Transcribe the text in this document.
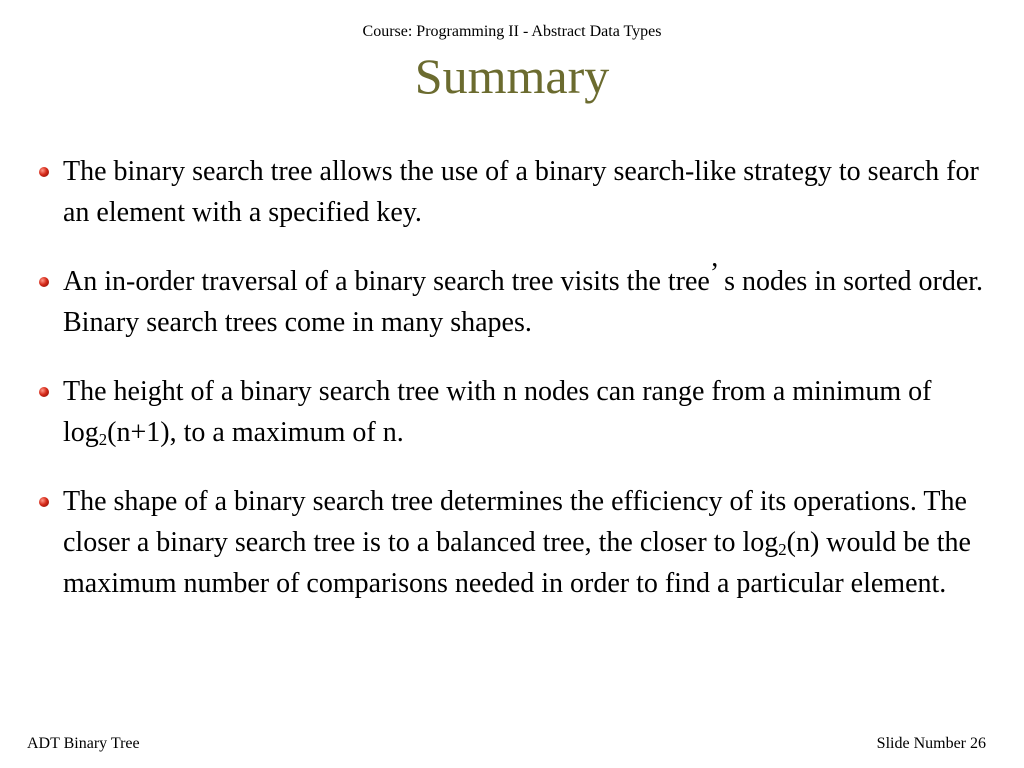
Course: Programming II - Abstract Data Types
Summary
The binary search tree allows the use of a binary search-like strategy to search for an element with a specified key.
An in-order traversal of a binary search tree visits the tree’ s nodes in sorted order. Binary search trees come in many shapes.
The height of a binary search tree with n nodes can range from a minimum of $\log_2(n+1)$, to a maximum of n.
The shape of a binary search tree determines the efficiency of its operations. The closer a binary search tree is to a balanced tree, the closer to $\log_2(n)$ would be the maximum number of comparisons needed in order to find a particular element.
ADT Binary Tree	Slide Number 26
